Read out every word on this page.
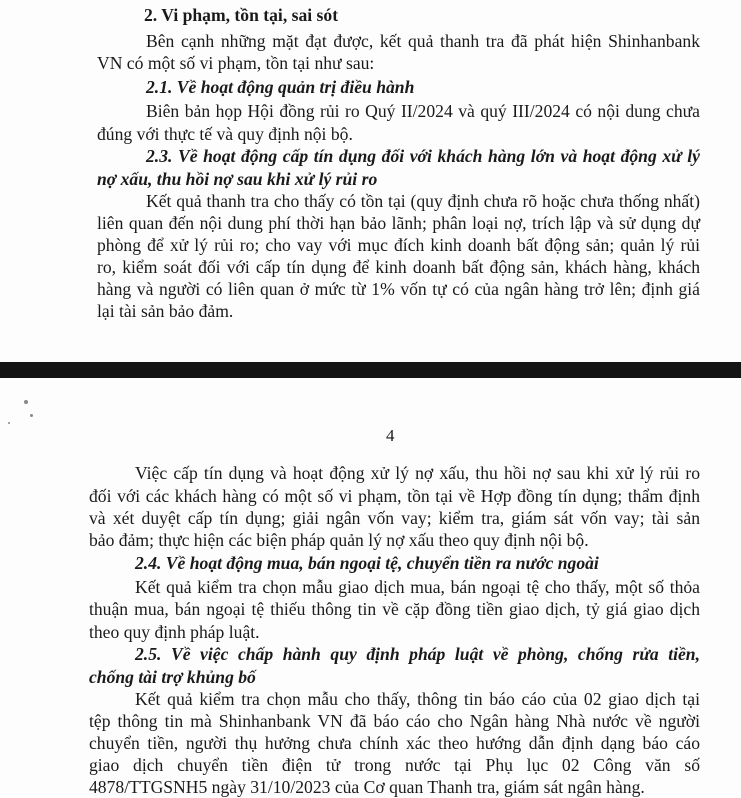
2. Vi phạm, tồn tại, sai sót
Bên cạnh những mặt đạt được, kết quả thanh tra đã phát hiện Shinhanbank
VN có một số vi phạm, tồn tại như sau:
2.1. Về hoạt động quản trị điều hành
Biên bản họp Hội đồng rủi ro Quý II/2024 và quý III/2024 có nội dung chưa
đúng với thực tế và quy định nội bộ.
2.3. Về hoạt động cấp tín dụng đối với khách hàng lớn và hoạt động xử lý
nợ xấu, thu hồi nợ sau khi xử lý rủi ro
Kết quả thanh tra cho thấy có tồn tại (quy định chưa rõ hoặc chưa thống nhất)
liên quan đến nội dung phí thời hạn bảo lãnh; phân loại nợ, trích lập và sử dụng dự
phòng để xử lý rủi ro; cho vay với mục đích kinh doanh bất động sản; quản lý rủi
ro, kiểm soát đối với cấp tín dụng để kinh doanh bất động sản, khách hàng, khách
hàng và người có liên quan ở mức từ 1% vốn tự có của ngân hàng trở lên; định giá
lại tài sản bảo đảm.
4
Việc cấp tín dụng và hoạt động xử lý nợ xấu, thu hồi nợ sau khi xử lý rủi ro
đối với các khách hàng có một số vi phạm, tồn tại về Hợp đồng tín dụng; thẩm định
và xét duyệt cấp tín dụng; giải ngân vốn vay; kiểm tra, giám sát vốn vay; tài sản
bảo đảm; thực hiện các biện pháp quản lý nợ xấu theo quy định nội bộ.
2.4. Về hoạt động mua, bán ngoại tệ, chuyển tiền ra nước ngoài
Kết quả kiểm tra chọn mẫu giao dịch mua, bán ngoại tệ cho thấy, một số thỏa
thuận mua, bán ngoại tệ thiếu thông tin về cặp đồng tiền giao dịch, tỷ giá giao dịch
theo quy định pháp luật.
2.5. Về việc chấp hành quy định pháp luật về phòng, chống rửa tiền,
chống tài trợ khủng bố
Kết quả kiểm tra chọn mẫu cho thấy, thông tin báo cáo của 02 giao dịch tại
tệp thông tin mà Shinhanbank VN đã báo cáo cho Ngân hàng Nhà nước về người
chuyển tiền, người thụ hưởng chưa chính xác theo hướng dẫn định dạng báo cáo
giao dịch chuyển tiền điện tử trong nước tại Phụ lục 02 Công văn số
4878/TTGSNH5 ngày 31/10/2023 của Cơ quan Thanh tra, giám sát ngân hàng.
